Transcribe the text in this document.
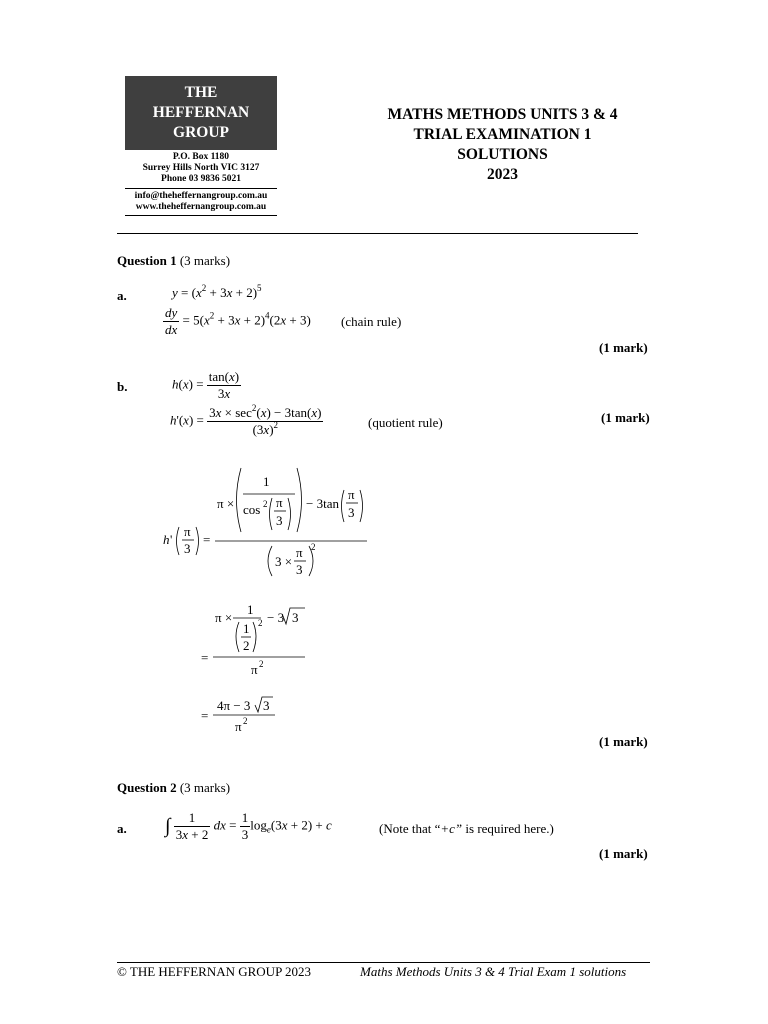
THE
HEFFERNAN
GROUP
P.O. Box 1180
Surrey Hills North VIC 3127
Phone 03 9836 5021
info@theheffernangroup.com.au
www.theheffernangroup.com.au
MATHS METHODS UNITS 3 & 4
TRIAL EXAMINATION 1
SOLUTIONS
2023
Question 1 (3 marks)
a.	$y = (x^2 + 3x + 2)^5$
$\frac{dy}{dx} = 5(x^2 + 3x + 2)^4(2x + 3)$ (chain rule)
(1 mark)
b.	$h(x) = \frac{\tan(x)}{3x}$
$h'(x) = \frac{3x \times \sec^2(x) - 3\tan(x)}{(3x)^2}$	(quotient rule)	(1 mark)
h '
π
3
=
π ×
1
cos 2 π
3
− 3tan
π
3
3 ×
π
3
2
π ×
1
1
2
2 − 3 3
=
π 2
4π − 3 3
=
π 2
(1 mark)
Question 2 (3 marks)
a. ∫ $\frac{1}{3x + 2}$ dx = $\frac{1}{3} \log_e(3x + 2) + c$	(Note that “+c” is required here.)
(1 mark)
© THE HEFFERNAN GROUP 2023	Maths Methods Units 3 & 4 Trial Exam 1 solutions
